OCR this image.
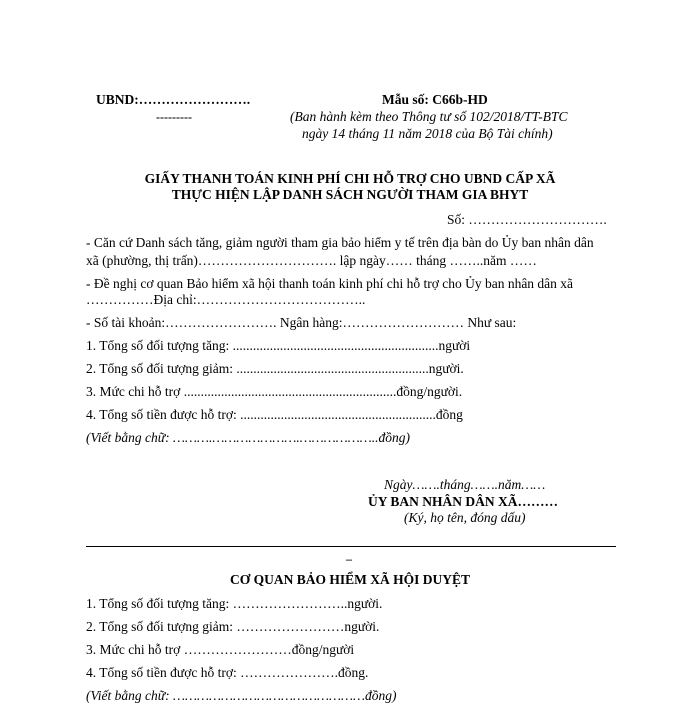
UBND:…………………….
---------
Mẫu số: C66b-HD
(Ban hành kèm theo Thông tư số 102/2018/TT-BTC
ngày 14 tháng 11 năm 2018 của Bộ Tài chính)
GIẤY THANH TOÁN KINH PHÍ CHI HỖ TRỢ CHO UBND CẤP XÃ
THỰC HIỆN LẬP DANH SÁCH NGƯỜI THAM GIA BHYT
Số: ………………………….
- Căn cứ Danh sách tăng, giảm người tham gia bảo hiểm y tế trên địa bàn do Ủy ban nhân dân
xã (phường, thị trấn)…………………………. lập ngày…… tháng ……..năm ……
- Đề nghị cơ quan Bảo hiểm xã hội thanh toán kinh phí chi hỗ trợ cho Ủy ban nhân dân xã
……………Địa chỉ:………………………………..
- Số tài khoản:……………………. Ngân hàng:……………………… Như sau:
1. Tổng số đối tượng tăng: .............................................................người
2. Tổng số đối tượng giảm: .........................................................người.
3. Mức chi hỗ trợ ...............................................................đồng/người.
4. Tổng số tiền được hỗ trợ: ..........................................................đồng
(Viết bằng chữ: ……….………………….………………..đồng)
Ngày…….tháng…….năm……
ỦY BAN NHÂN DÂN XÃ………
(Ký, họ tên, đóng dấu)
–
CƠ QUAN BẢO HIỂM XÃ HỘI DUYỆT
1. Tổng số đối tượng tăng: ……………………..người.
2. Tổng số đối tượng giảm: ……………………người.
3. Mức chi hỗ trợ ……………………đồng/người
4. Tổng số tiền được hỗ trợ: ………………….đồng.
(Viết bằng chữ: …………………………………………đồng)
